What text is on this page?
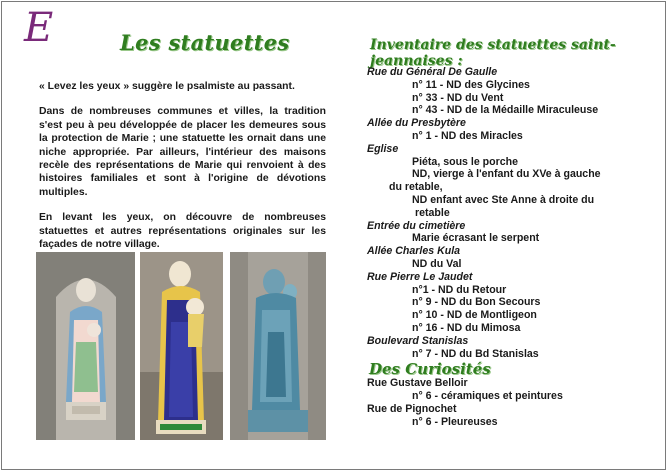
E	Les statuettes	Inventaire des statuettes saint-jeannaises :

« Levez les yeux » suggère le psalmiste au passant.

Dans de nombreuses communes et villes, la tradition s'est peu à peu développée de placer les demeures sous la protection de Marie ; une statuette les ornait dans une niche appropriée. Par ailleurs, l'intérieur des maisons recèle des représentations de Marie qui renvoient à des histoires familiales et sont à l'origine de dévotions multiples.

En levant les yeux, on découvre de nombreuses statuettes et autres représentations originales sur les façades de notre village.

Rue du Général De Gaulle
n° 11 - ND des Glycines
n° 33 - ND du Vent
n° 43 - ND de la Médaille Miraculeuse
Allée du Presbytère
n° 1 - ND des Miracles
Eglise
Piéta, sous le porche
ND, vierge à l'enfant du XVe à gauche
du retable,
ND enfant avec Ste Anne à droite du
retable
Entrée du cimetière
Marie écrasant le serpent
Allée Charles Kula
ND du Val
Rue Pierre Le Jaudet
n°1 - ND du Retour
n° 9 - ND du Bon Secours
n° 10 - ND de Montligeon
n° 16 - ND du Mimosa
Boulevard Stanislas
n° 7 - ND du Bd Stanislas
Des Curiosités
Rue Gustave Belloir
n° 6 - céramiques et peintures
Rue de Pignochet
n° 6 - Pleureuses
